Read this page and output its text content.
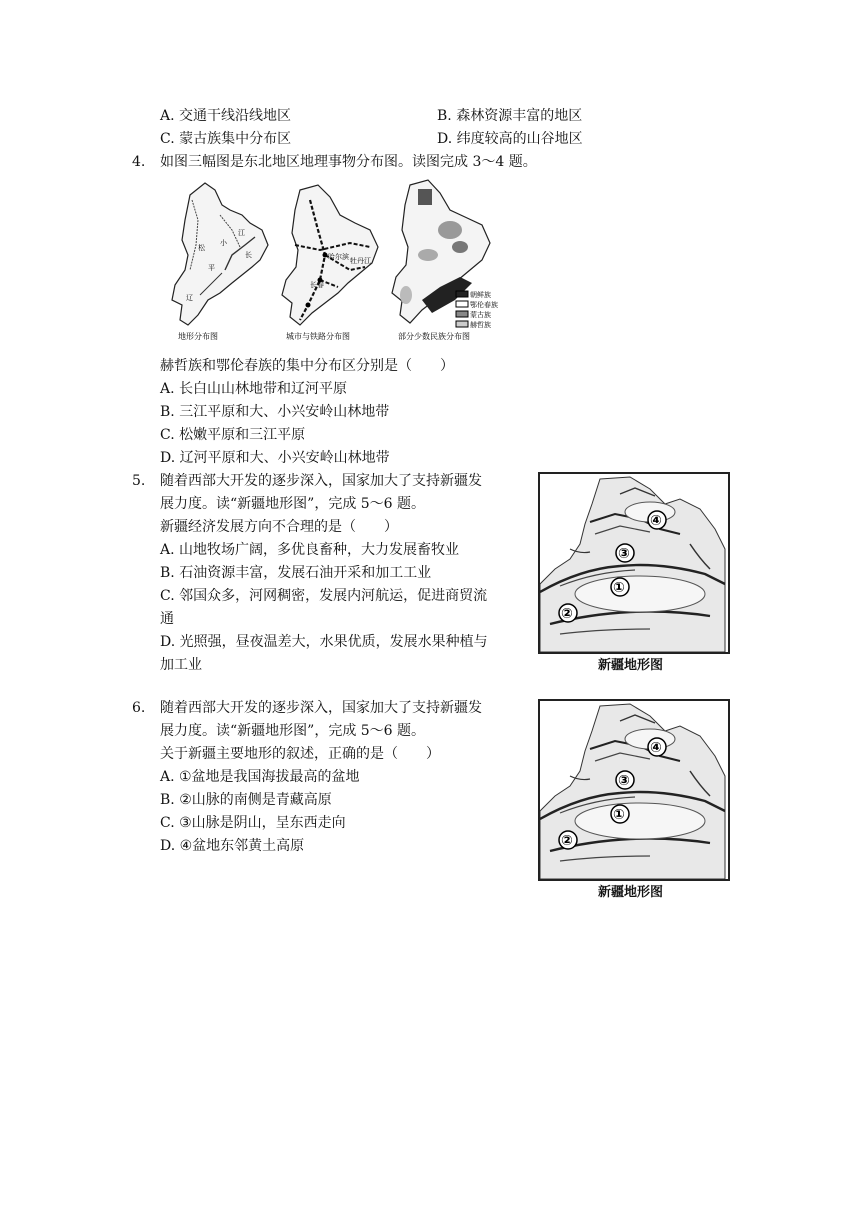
A. 交通干线沿线地区	B. 森林资源丰富的地区
C. 蒙古族集中分布区	D. 纬度较高的山谷地区
4. 如图三幅图是东北地区地理事物分布图。读图完成 3～4 题。
松
小
江
平
长
辽
地形分布图
哈尔滨
长春
牡丹江
城市与铁路分布图
朝鲜族
鄂伦春族
蒙古族
赫哲族
部分少数民族分布图
赫哲族和鄂伦春族的集中分布区分别是（　　）
A. 长白山山林地带和辽河平原
B. 三江平原和大、小兴安岭山林地带
C. 松嫩平原和三江平原
D. 辽河平原和大、小兴安岭山林地带
5. 随着西部大开发的逐步深入，国家加大了支持新疆发
展力度。读“新疆地形图”，完成 5～6 题。
新疆经济发展方向不合理的是（　　）
A. 山地牧场广阔，多优良畜种，大力发展畜牧业
B. 石油资源丰富，发展石油开采和加工工业
C. 邻国众多，河网稠密，发展内河航运，促进商贸流
通
D. 光照强，昼夜温差大，水果优质，发展水果种植与
加工业
①
②
③
④
新疆地形图
6. 随着西部大开发的逐步深入，国家加大了支持新疆发
展力度。读“新疆地形图”，完成 5～6 题。
关于新疆主要地形的叙述，正确的是（　　）
A. ①盆地是我国海拔最高的盆地
B. ②山脉的南侧是青藏高原
C. ③山脉是阴山，呈东西走向
D. ④盆地东邻黄土高原
①
②
③
④
新疆地形图
